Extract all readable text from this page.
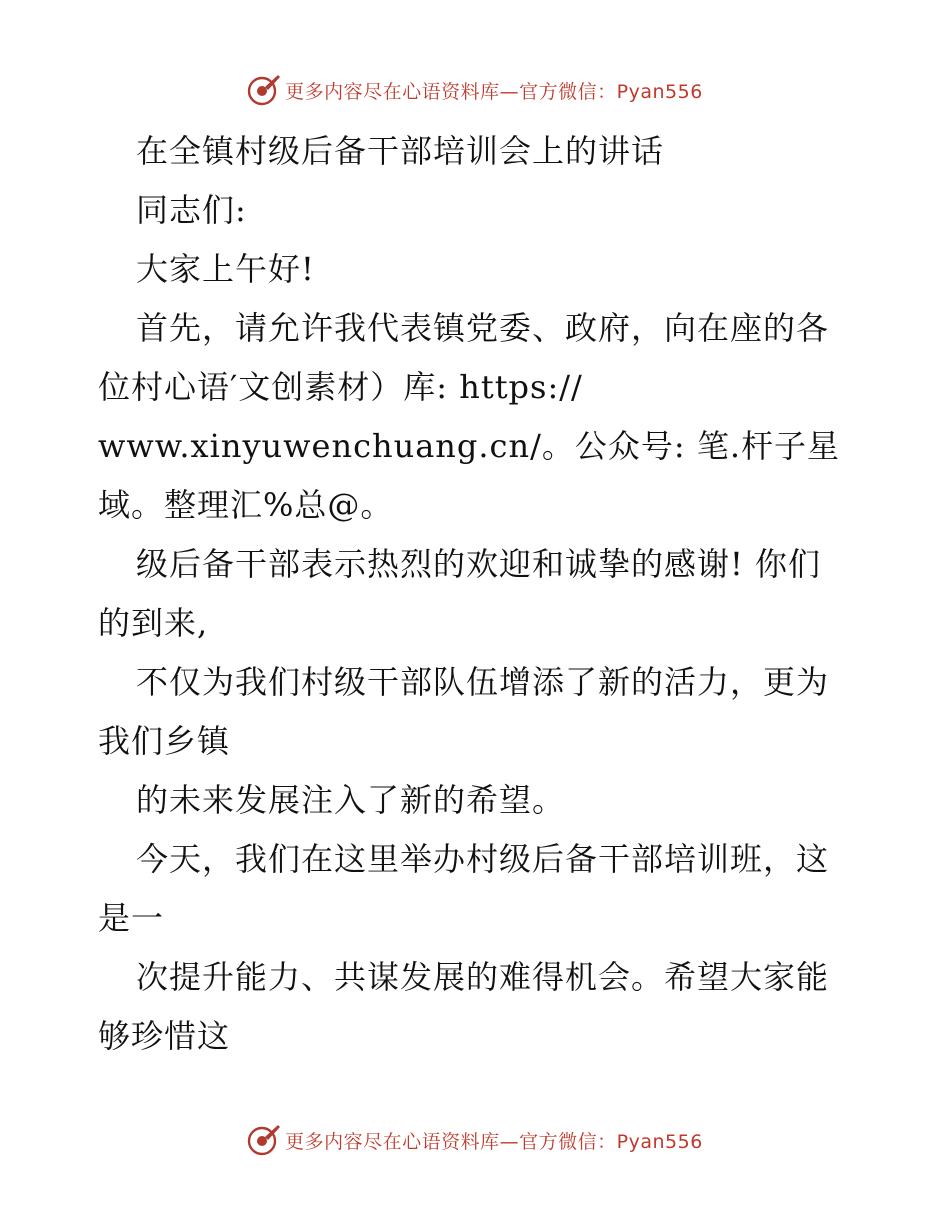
更多内容尽在心语资料库—官方微信：Pyan556
在全镇村级后备干部培训会上的讲话
同志们:
大家上午好!
首先，请允许我代表镇党委、政府，向在座的各
位村心语′文创素材）库: https://
www.xinyuwenchuang.cn/。公众号: 笔.杆子星
域。整理汇%总@。
级后备干部表示热烈的欢迎和诚挚的感谢! 你们
的到来,
不仅为我们村级干部队伍增添了新的活力，更为
我们乡镇
的未来发展注入了新的希望。
今天，我们在这里举办村级后备干部培训班，这
是一
次提升能力、共谋发展的难得机会。希望大家能
够珍惜这
更多内容尽在心语资料库—官方微信：Pyan556
